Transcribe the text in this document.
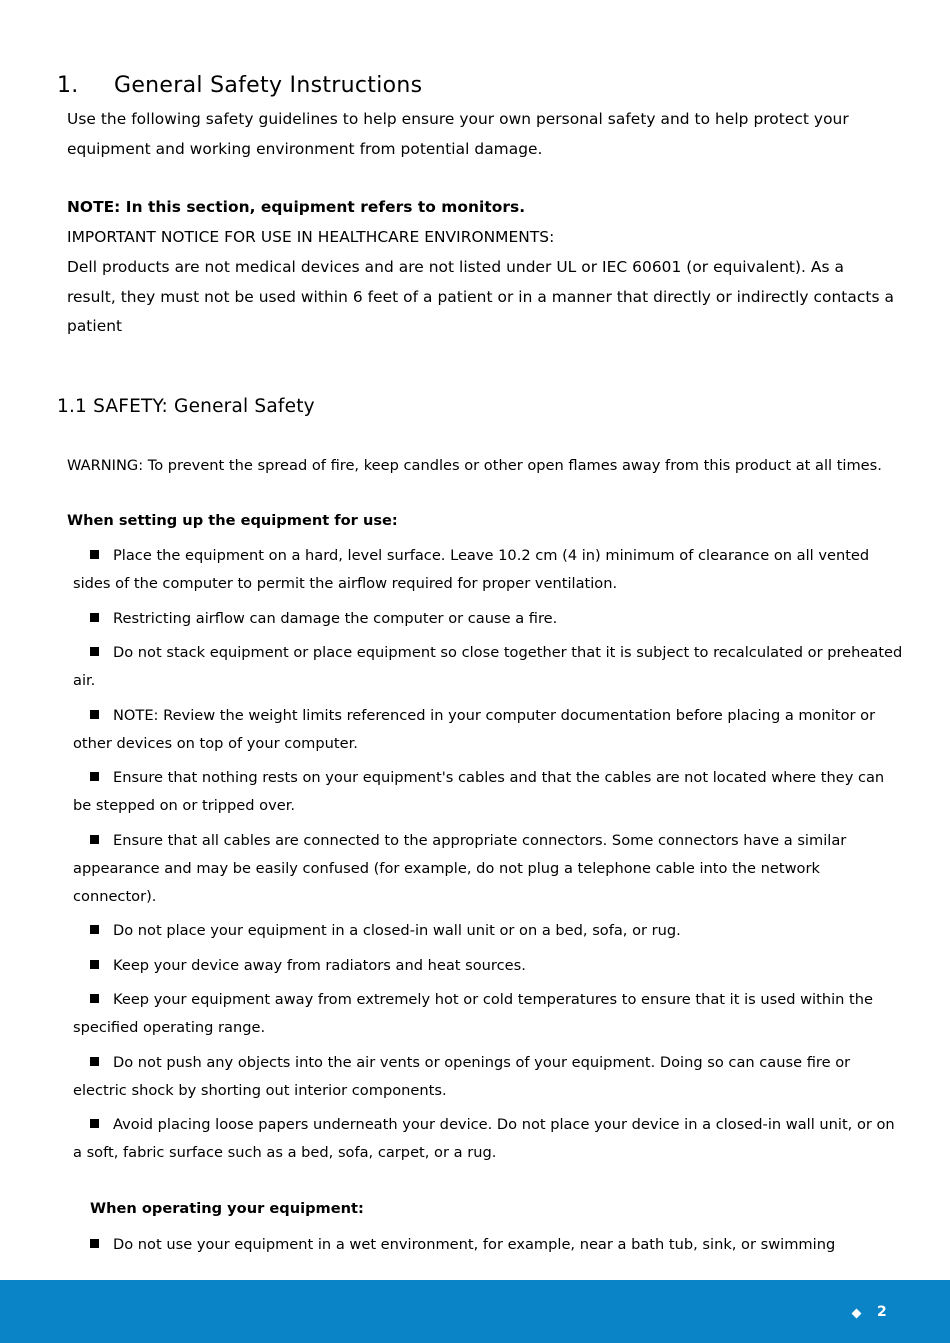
1. General Safety Instructions
Use the following safety guidelines to help ensure your own personal safety and to help protect your equipment and working environment from potential damage.
NOTE: In this section, equipment refers to monitors.
IMPORTANT NOTICE FOR USE IN HEALTHCARE ENVIRONMENTS:
Dell products are not medical devices and are not listed under UL or IEC 60601 (or equivalent). As a result, they must not be used within 6 feet of a patient or in a manner that directly or indirectly contacts a patient
1.1 SAFETY: General Safety
WARNING: To prevent the spread of fire, keep candles or other open flames away from this product at all times.
When setting up the equipment for use:
Place the equipment on a hard, level surface. Leave 10.2 cm (4 in) minimum of clearance on all vented sides of the computer to permit the airflow required for proper ventilation.
Restricting airflow can damage the computer or cause a fire.
Do not stack equipment or place equipment so close together that it is subject to recalculated or preheated air.
NOTE: Review the weight limits referenced in your computer documentation before placing a monitor or other devices on top of your computer.
Ensure that nothing rests on your equipment's cables and that the cables are not located where they can be stepped on or tripped over.
Ensure that all cables are connected to the appropriate connectors. Some connectors have a similar appearance and may be easily confused (for example, do not plug a telephone cable into the network connector).
Do not place your equipment in a closed-in wall unit or on a bed, sofa, or rug.
Keep your device away from radiators and heat sources.
Keep your equipment away from extremely hot or cold temperatures to ensure that it is used within the specified operating range.
Do not push any objects into the air vents or openings of your equipment. Doing so can cause fire or electric shock by shorting out interior components.
Avoid placing loose papers underneath your device. Do not place your device in a closed-in wall unit, or on a soft, fabric surface such as a bed, sofa, carpet, or a rug.
When operating your equipment:
Do not use your equipment in a wet environment, for example, near a bath tub, sink, or swimming
2
